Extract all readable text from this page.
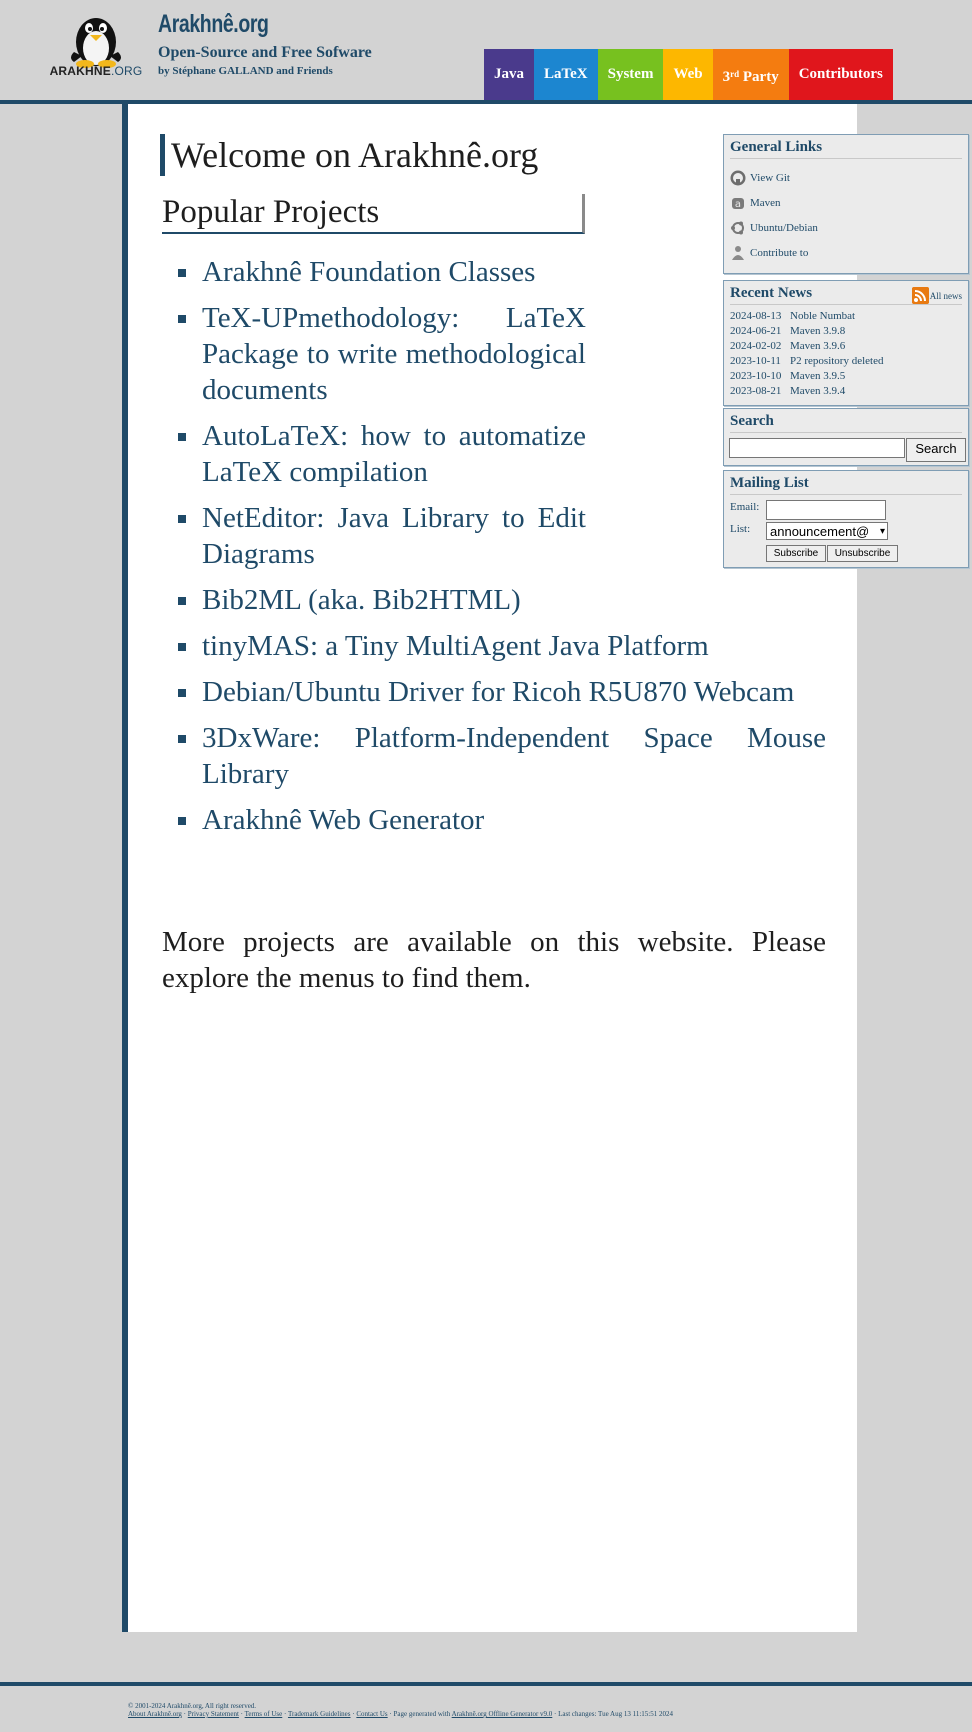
ARAKHNE.ORG
Arakhnê.org
Open-Source and Free Sofware
by Stéphane GALLAND and Friends	Java	LaTeX	System	Web	3rd Party	Contributors
Welcome on Arakhnê.org
Popular Projects
Arakhnê Foundation Classes
TeX-UPmethodology: LaTeX Package to write methodological documents
AutoLaTeX: how to automatize LaTeX compilation
NetEditor: Java Library to Edit Diagrams
Bib2ML (aka. Bib2HTML)
tinyMAS: a Tiny MultiAgent Java Platform
Debian/Ubuntu Driver for Ricoh R5U870 Webcam
3DxWare: Platform-Independent Space Mouse Library
Arakhnê Web Generator
More projects are available on this website. Please explore the menus to find them.
General Links
View Git
a Maven
Ubuntu/Debian
Contribute to
Recent News	All news
2024-08-13 Noble Numbat
2024-06-21 Maven 3.9.8
2024-02-02 Maven 3.9.6
2023-10-11 P2 repository deleted
2023-10-10 Maven 3.9.5
2023-08-21 Maven 3.9.4
Search
Search
Mailing List
Email:
List:	announcement@ ▾
Subscribe	Unsubscribe
© 2001-2024 Arakhnê.org, All right reserved.
About Arakhnê.org · Privacy Statement · Terms of Use · Trademark Guidelines · Contact Us · Page generated with Arakhnê.org Offline Generator v9.0 · Last changes: Tue Aug 13 11:15:51 2024
